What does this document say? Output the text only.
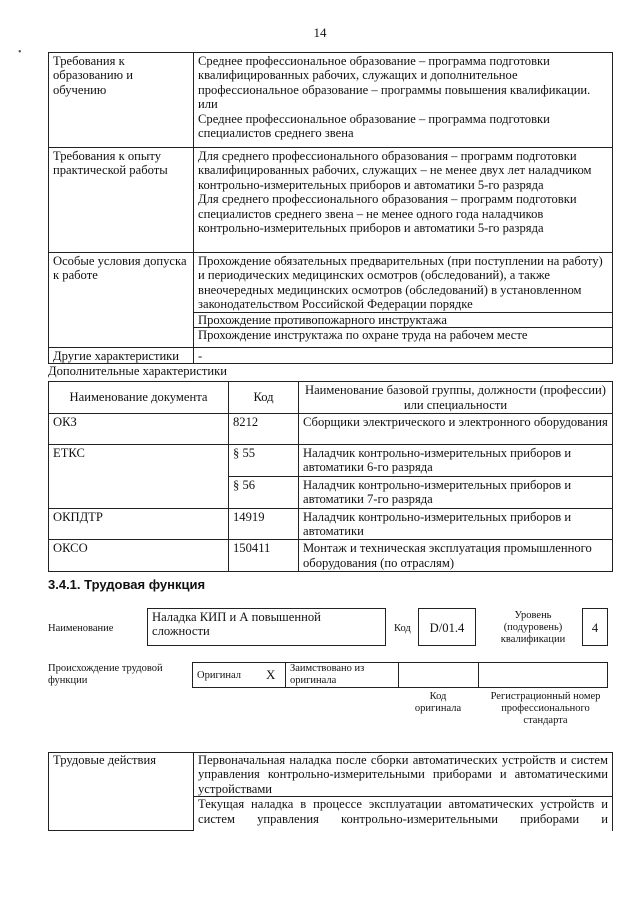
14
•
Требования к образованию и обучению	Среднее профессиональное образование – программа подготовки квалифицированных рабочих, служащих и дополнительное профессиональное образование – программы повышения квалификации.
или
Среднее профессиональное образование – программа подготовки специалистов среднего звена

Требования к опыту практической работы	Для среднего профессионального образования – программ подготовки квалифицированных рабочих, служащих – не менее двух лет наладчиком контрольно-измерительных приборов и автоматики 5-го разряда
Для среднего профессионального образования – программ подготовки специалистов среднего звена – не менее одного года наладчиков контрольно-измерительных приборов и автоматики 5-го разряда

Особые условия допуска к работе	Прохождение обязательных предварительных (при поступлении на работу) и периодических медицинских осмотров (обследований), а также внеочередных медицинских осмотров (обследований) в установленном законодательством Российской Федерации порядке
Прохождение противопожарного инструктажа
Прохождение инструктажа по охране труда на рабочем месте

Другие характеристики	-
Дополнительные характеристики
Наименование документа	Код	Наименование базовой группы, должности (профессии) или специальности
ОКЗ	8212	Сборщики электрического и электронного оборудования
ЕТКС	§ 55	Наладчик контрольно-измерительных приборов и автоматики 6-го разряда
	§ 56	Наладчик контрольно-измерительных приборов и автоматики 7-го разряда
ОКПДТР	14919	Наладчик контрольно-измерительных приборов и автоматики
ОКСО	150411	Монтаж и техническая эксплуатация промышленного оборудования (по отраслям)
3.4.1. Трудовая функция
Наименование
Наладка КИП и А повышенной сложности	Код	D/01.4
Уровень (подуровень) квалификации
4
Происхождение трудовой функции	Оригинал X Заимствовано из оригинала
Код оригинала
Регистрационный номер профессионального стандарта
Трудовые действия	Первоначальная наладка после сборки автоматических устройств и систем управления контрольно-измерительными приборами и автоматическими устройствами
Текущая наладка в процессе эксплуатации автоматических устройств и систем управления контрольно-измерительными приборами и
